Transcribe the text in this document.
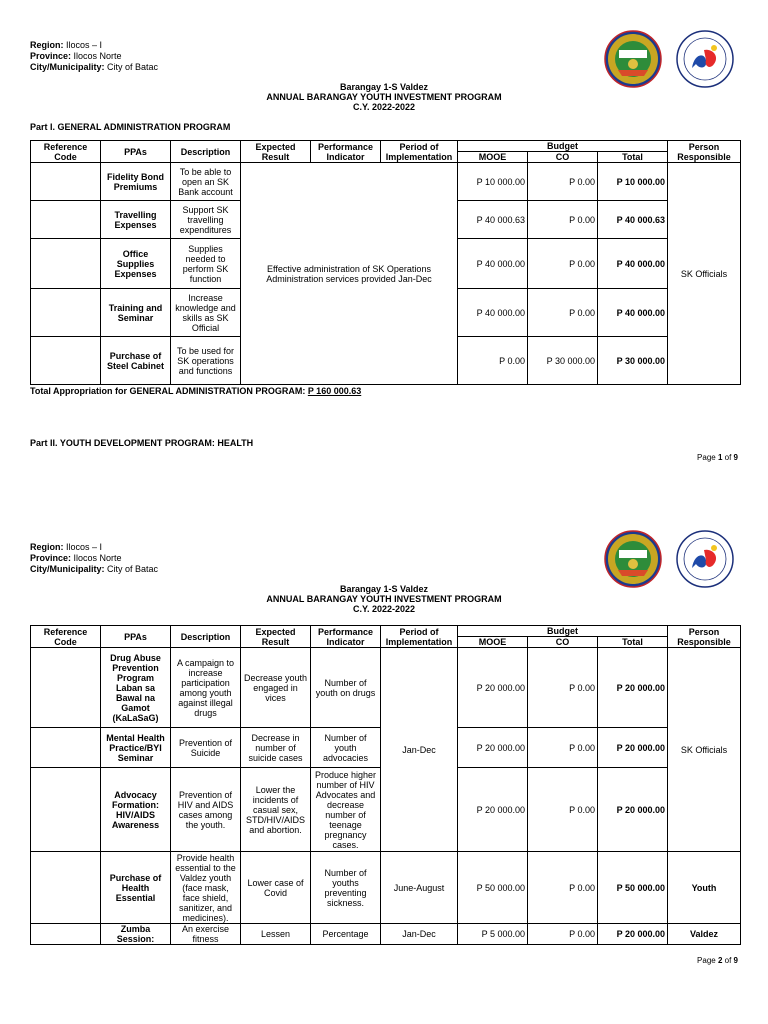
Region: Ilocos – I
Province: Ilocos Norte
City/Municipality: City of Batac
Barangay 1-S Valdez
ANNUAL BARANGAY YOUTH INVESTMENT PROGRAM
C.Y. 2022-2022
Part I. GENERAL ADMINISTRATION PROGRAM
Reference Code	PPAs	Description	Expected Result	Performance Indicator	Period of Implementation	Budget			Person Responsible
						MOOE	CO	Total	
	Fidelity Bond Premiums	To be able to open an SK Bank account	Effective administration of SK Operations Administration services provided Jan-Dec			P 10 000.00	P 0.00	P 10 000.00	SK Officials
	Travelling Expenses	Support SK travelling expenditures				P 40 000.63	P 0.00	P 40 000.63	
	Office Supplies Expenses	Supplies needed to perform SK function				P 40 000.00	P 0.00	P 40 000.00	
	Training and Seminar	Increase knowledge and skills as SK Official				P 40 000.00	P 0.00	P 40 000.00	
	Purchase of Steel Cabinet	To be used for SK operations and functions				P 0.00	P 30 000.00	P 30 000.00	
Total Appropriation for GENERAL ADMINISTRATION PROGRAM: P 160 000.63
Part II. YOUTH DEVELOPMENT PROGRAM: HEALTH
Page 1 of 9
Region: Ilocos – I
Province: Ilocos Norte
City/Municipality: City of Batac
Barangay 1-S Valdez
ANNUAL BARANGAY YOUTH INVESTMENT PROGRAM
C.Y. 2022-2022
Reference Code	PPAs	Description	Expected Result	Performance Indicator	Period of Implementation	Budget			Person Responsible
						MOOE	CO	Total	
	Drug Abuse Prevention Program Laban sa Bawal na Gamot (KaLaSaG)	A campaign to increase participation among youth against illegal drugs	Decrease youth engaged in vices	Number of youth on drugs	Jan-Dec	P 20 000.00	P 0.00	P 20 000.00	SK Officials
	Mental Health Practice/BYI Seminar	Prevention of Suicide	Decrease in number of suicide cases	Number of youth advocacies		P 20 000.00	P 0.00	P 20 000.00	
	Advocacy Formation: HIV/AIDS Awareness	Prevention of HIV and AIDS cases among the youth.	Lower the incidents of casual sex, STD/HIV/AIDS and abortion.	Produce higher number of HIV Advocates and decrease number of teenage pregnancy cases.		P 20 000.00	P 0.00	P 20 000.00	
	Purchase of Health Essential	Provide health essential to the Valdez youth (face mask, face shield, sanitizer, and medicines).	Lower case of Covid	Number of youths preventing sickness.	June-August	P 50 000.00	P 0.00	P 50 000.00	Youth
	Zumba Session:	An exercise fitness	Lessen	Percentage	Jan-Dec	P 5 000.00	P 0.00	P 20 000.00	Valdez
Page 2 of 9
